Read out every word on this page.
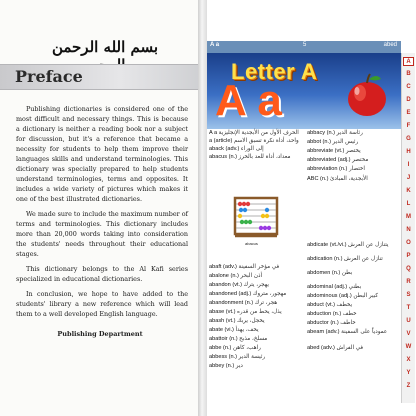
بسم الله الرحمن
Preface

Publishing dictionaries is considered one of the most difficult and necessary things. This is because a dictionary is neither a reading book nor a subject for discussion, but it's a reference that became a necessity for students to help them improve their languages skills and understand terminologies. This dictionary was specially prepared to help students understand terminologies, terms and opposites. It includes a wide variety of pictures which makes it one of the best illustrated dictionaries.

We made sure to include the maximum number of terms and terminologies. This dictionary includes more than 20,000 words taking into consideration the students' needs throughout their educational stages.

This dictionary belongs to the Al Kafi series specialized in educational dictionaries.

In conclusion, we hope to have added to the students' library a new reference which will lead them to a well developed English language.

Publishing Department
A a	5	abed
Letter A
A a
A a الحرف الأول من الأبجدية الإنجليزية
a (article) واحد، أداة نكرة تسبق الاسم
aback (adv.) إلى الوراء
abacus (n.) معداد، أداة للعد بالخرز
abaft (adv.) في مؤخر السفينة
abalone (n.) أذن البحر
abandon (vt.) يهجر، يترك
abandoned (adj.) مهجور، متروك
abandonment (n.) هجر، ترك
abase (vt.) يذل، يحط من قدره
abash (vt.) يخجل، يربك
abate (vi.) يخف، يهدأ
abattoir (n.) مسلخ، مذبح
abbe (n.) راهب، كاهن
abbess (n.) رئيسة الدير
abbey (n.) دير
abbacy (n.) رئاسة الدير
abbot (n.) رئيس الدير
abbreviate (vt.) يختصر
abbreviated (adj.) مختصر
abbreviation (n.) اختصار
ABC (n.) الأبجدية، المبادئ
abdicate (vt./vi.) يتنازل عن العرش
abdication (n.) تنازل عن العرش
abdomen (n.) بطن
abdominal (adj.) بطني
abdominous (adj.) كبير البطن
abduct (vt.) يخطف
abduction (n.) خطف
abductor (n.) خاطف
abeam (adv.) عمودياً على السفينة
abed (adv.) في الفراش
abacus
A
B
C
D
E
F
G
H
I
J
K
L
M
N
O
P
Q
R
S
T
U
V
W
X
Y
Z
